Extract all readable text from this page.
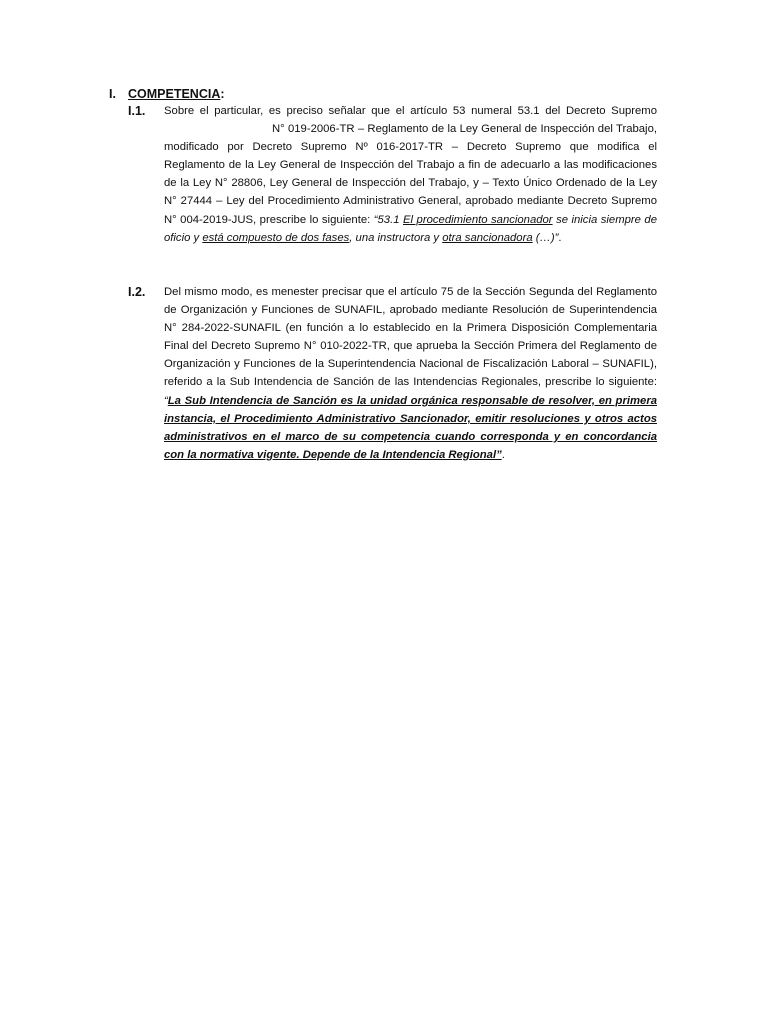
I. COMPETENCIA:
I.1. Sobre el particular, es preciso señalar que el artículo 53 numeral 53.1 del Decreto SupremoN° 019-2006-TR – Reglamento de la Ley General de Inspección del Trabajo, modificado por Decreto Supremo Nº 016-2017-TR – Decreto Supremo que modifica el Reglamento de la Ley General de Inspección del Trabajo a fin de adecuarlo a las modificaciones de la Ley N° 28806, Ley General de Inspección del Trabajo, y – Texto Único Ordenado de la Ley N° 27444 – Ley del Procedimiento Administrativo General, aprobado mediante Decreto Supremo N° 004-2019-JUS, prescribe lo siguiente: “53.1 El procedimiento sancionador se inicia siempre de oficio y está compuesto de dos fases, una instructora y otra sancionadora (…)”.
I.2. Del mismo modo, es menester precisar que el artículo 75 de la Sección Segunda del Reglamento de Organización y Funciones de SUNAFIL, aprobado mediante Resolución de Superintendencia N° 284-2022-SUNAFIL (en función a lo establecido en la Primera Disposición Complementaria Final del Decreto Supremo N° 010-2022-TR, que aprueba la Sección Primera del Reglamento de Organización y Funciones de la Superintendencia Nacional de Fiscalización Laboral – SUNAFIL), referido a la Sub Intendencia de Sanción de las Intendencias Regionales, prescribe lo siguiente: “La Sub Intendencia de Sanción es la unidad orgánica responsable de resolver, en primera instancia, el Procedimiento Administrativo Sancionador, emitir resoluciones y otros actos administrativos en el marco de su competencia cuando corresponda y en concordancia con la normativa vigente. Depende de la Intendencia Regional”.
